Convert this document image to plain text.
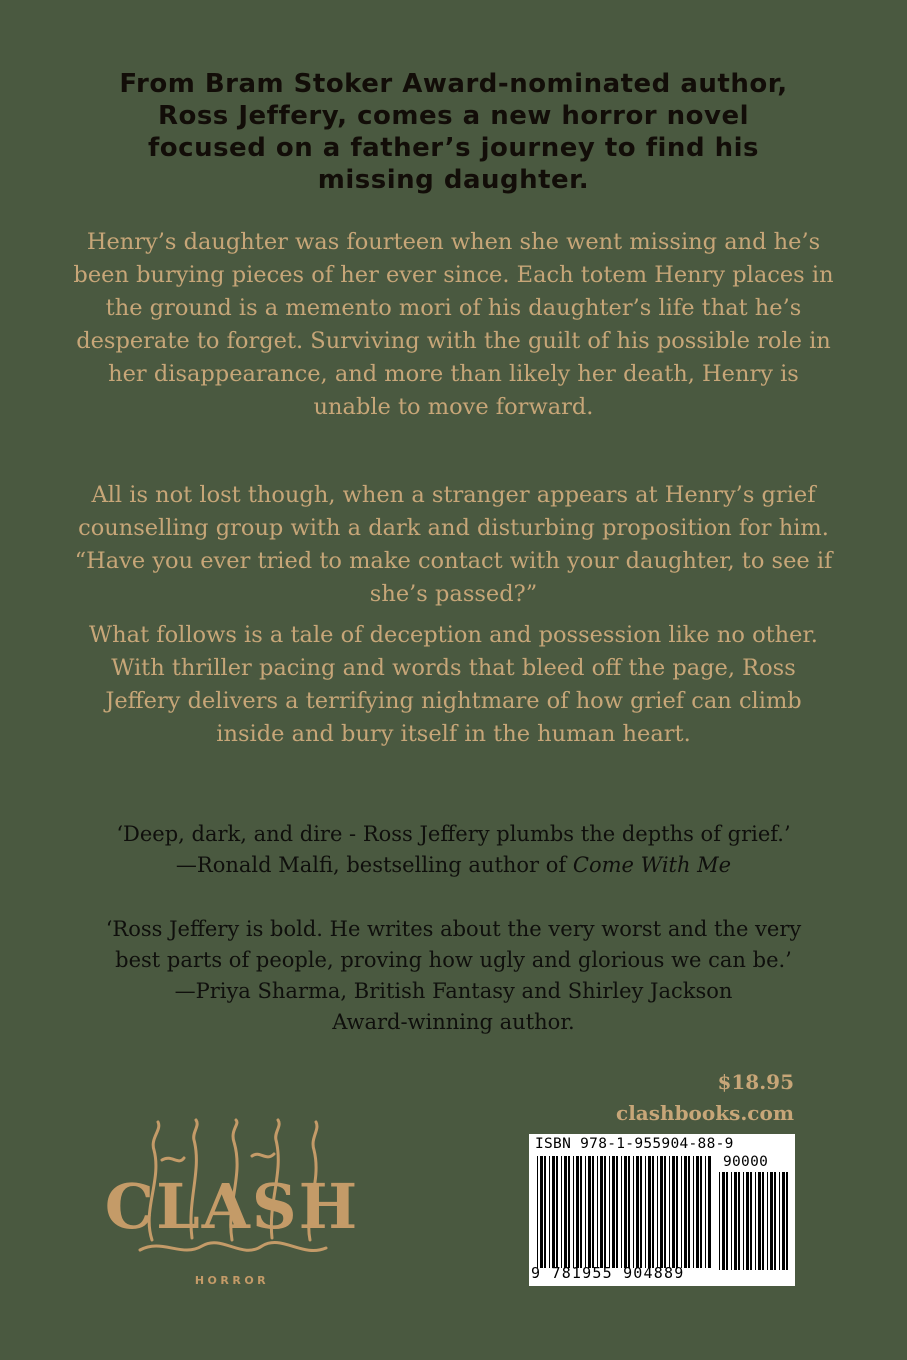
From Bram Stoker Award-nominated author,
Ross Jeffery, comes a new horror novel
focused on a father’s journey to find his
missing daughter.
Henry’s daughter was fourteen when she went missing and he’s
been burying pieces of her ever since. Each totem Henry places in
the ground is a memento mori of his daughter’s life that he’s
desperate to forget. Surviving with the guilt of his possible role in
her disappearance, and more than likely her death, Henry is
unable to move forward.
All is not lost though, when a stranger appears at Henry’s grief
counselling group with a dark and disturbing proposition for him.
“Have you ever tried to make contact with your daughter, to see if
she’s passed?”
What follows is a tale of deception and possession like no other.
With thriller pacing and words that bleed off the page, Ross
Jeffery delivers a terrifying nightmare of how grief can climb
inside and bury itself in the human heart.
‘Deep, dark, and dire - Ross Jeffery plumbs the depths of grief.’
—Ronald Malfi, bestselling author of Come With Me
‘Ross Jeffery is bold. He writes about the very worst and the very
best parts of people, proving how ugly and glorious we can be.’
—Priya Sharma, British Fantasy and Shirley Jackson
Award-winning author.
$18.95
clashbooks.com
CLASH
HORROR
ISBN 978-1-955904-88-9
90000
9 781955 904889
